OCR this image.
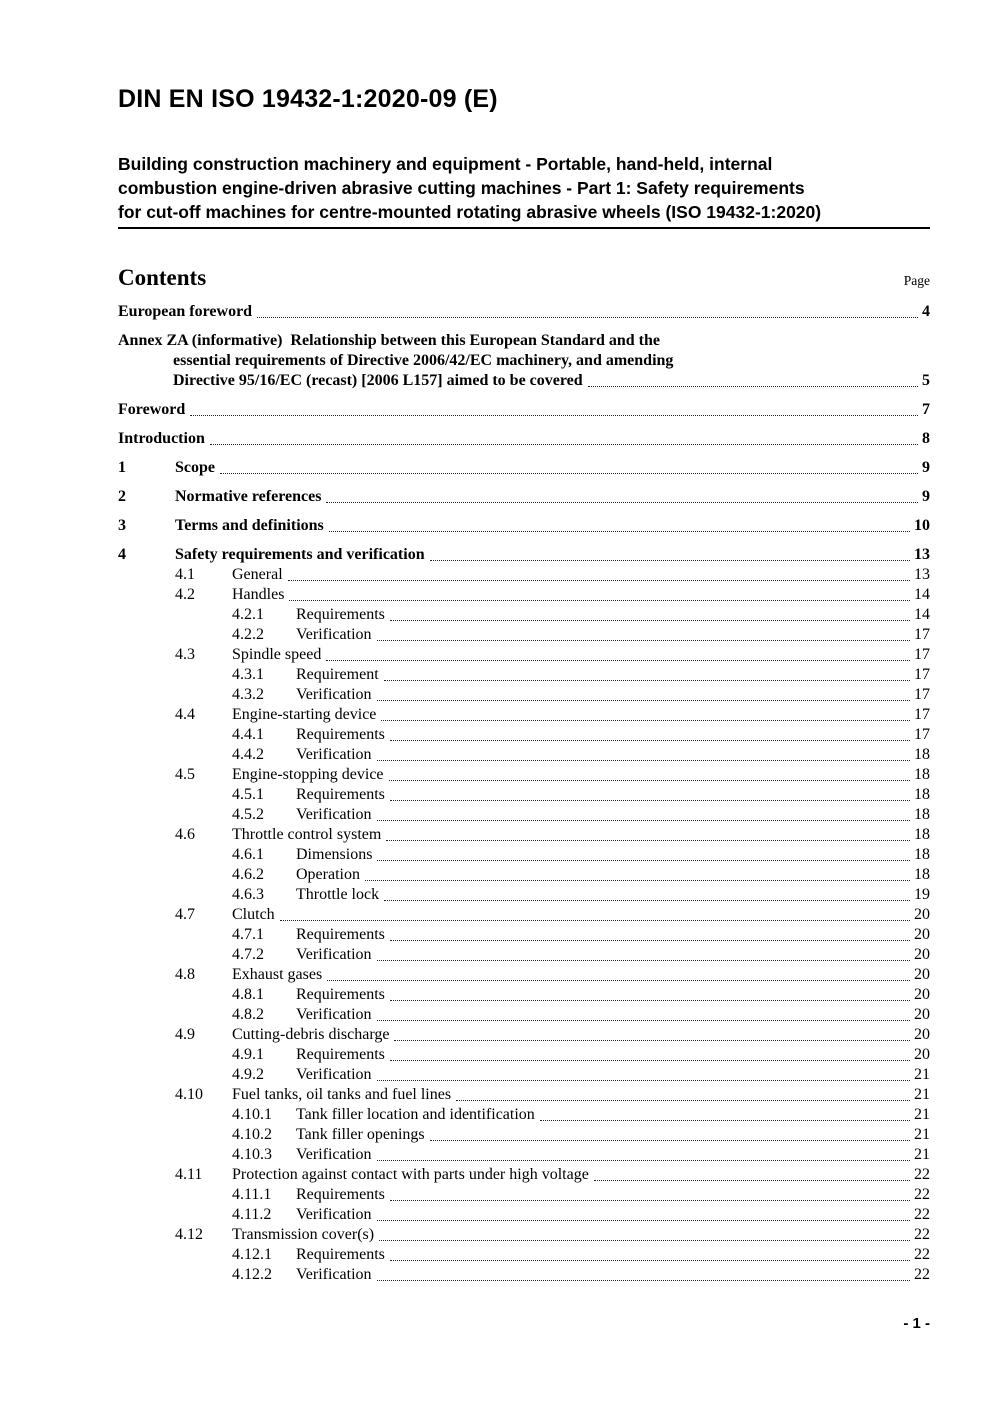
DIN EN ISO 19432-1:2020-09 (E)
Building construction machinery and equipment - Portable, hand-held, internal
combustion engine-driven abrasive cutting machines - Part 1: Safety requirements
for cut-off machines for centre-mounted rotating abrasive wheels (ISO 19432-1:2020)
Contents	Page
European foreword	4
Annex ZA (informative)  Relationship between this European Standard and the
essential requirements of Directive 2006/42/EC machinery, and amending
Directive 95/16/EC (recast) [2006 L157] aimed to be covered	5
Foreword	7
Introduction	8
1	Scope	9
2	Normative references	9
3	Terms and definitions	10
4	Safety requirements and verification	13
4.1	General	13
4.2	Handles	14
4.2.1	Requirements	14
4.2.2	Verification	17
4.3	Spindle speed	17
4.3.1	Requirement	17
4.3.2	Verification	17
4.4	Engine-starting device	17
4.4.1	Requirements	17
4.4.2	Verification	18
4.5	Engine-stopping device	18
4.5.1	Requirements	18
4.5.2	Verification	18
4.6	Throttle control system	18
4.6.1	Dimensions	18
4.6.2	Operation	18
4.6.3	Throttle lock	19
4.7	Clutch	20
4.7.1	Requirements	20
4.7.2	Verification	20
4.8	Exhaust gases	20
4.8.1	Requirements	20
4.8.2	Verification	20
4.9	Cutting-debris discharge	20
4.9.1	Requirements	20
4.9.2	Verification	21
4.10	Fuel tanks, oil tanks and fuel lines	21
4.10.1	Tank filler location and identification	21
4.10.2	Tank filler openings	21
4.10.3	Verification	21
4.11	Protection against contact with parts under high voltage	22
4.11.1	Requirements	22
4.11.2	Verification	22
4.12	Transmission cover(s)	22
4.12.1	Requirements	22
4.12.2	Verification	22
- 1 -
